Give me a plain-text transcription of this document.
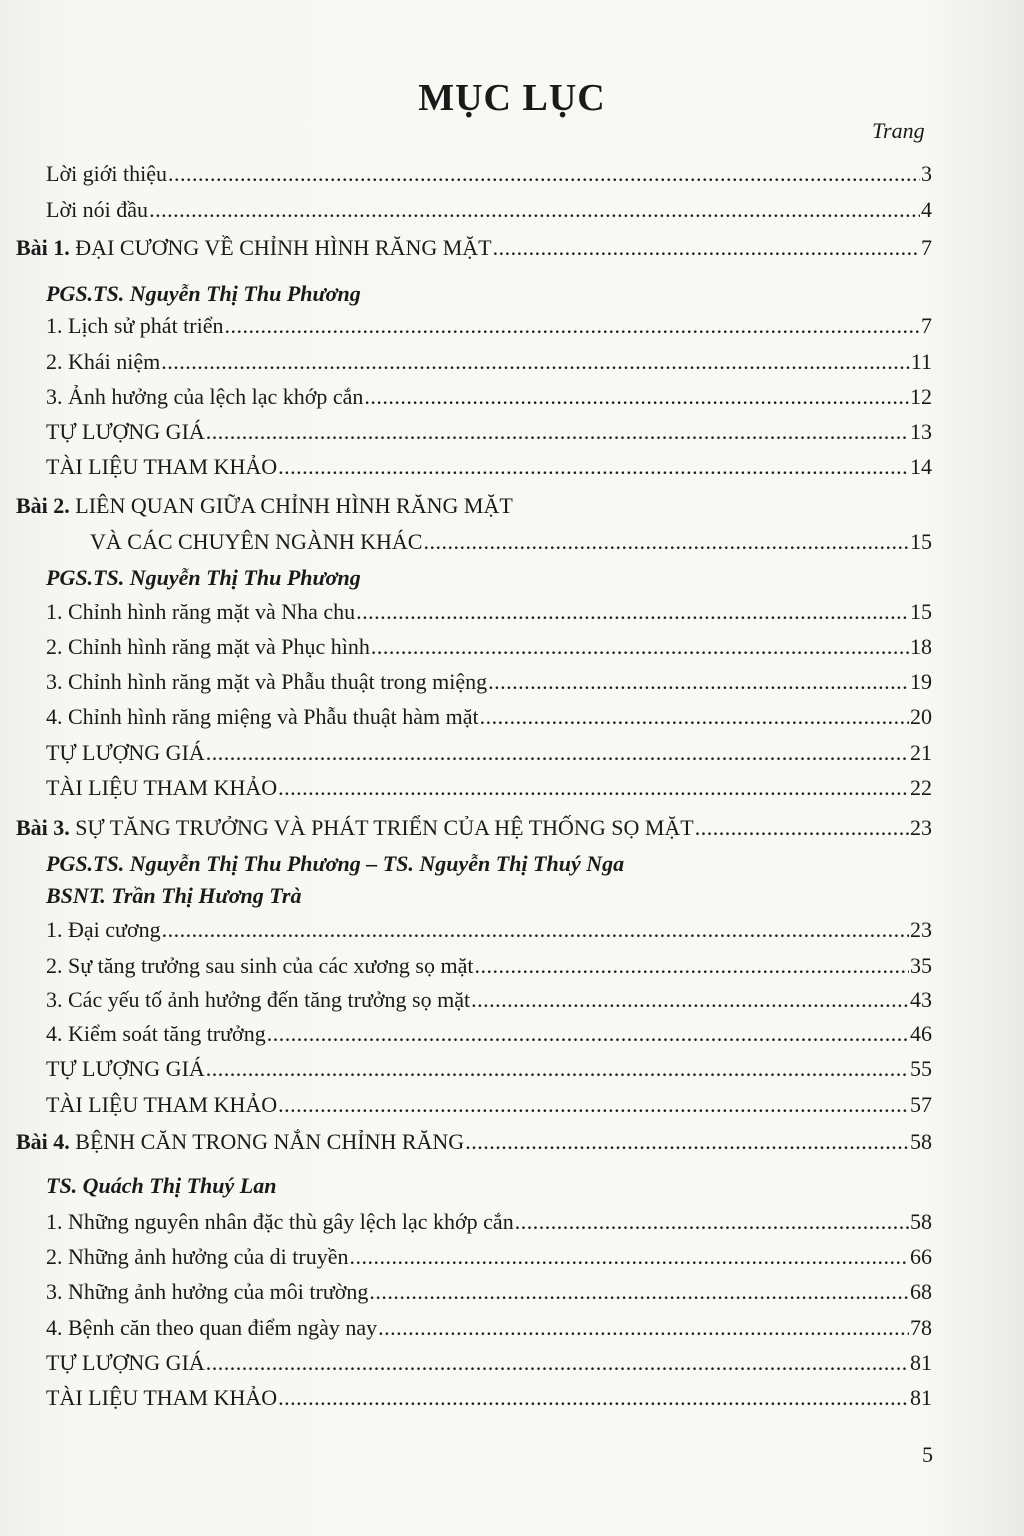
MỤC LỤC
Trang
Lời giới thiệu .....	3
Lời nói đầu .....	4
Bài 1. ĐẠI CƯƠNG VỀ CHỈNH HÌNH RĂNG MẶT .....	7
PGS.TS. Nguyễn Thị Thu Phương
1. Lịch sử phát triển .....	7
2. Khái niệm .....	11
3. Ảnh hưởng của lệch lạc khớp cắn .....	12
TỰ LƯỢNG GIÁ .....	13
TÀI LIỆU THAM KHẢO .....	14
Bài 2. LIÊN QUAN GIỮA CHỈNH HÌNH RĂNG MẶT
VÀ CÁC CHUYÊN NGÀNH KHÁC .....	15
PGS.TS. Nguyễn Thị Thu Phương
1. Chỉnh hình răng mặt và Nha chu .....	15
2. Chỉnh hình răng mặt và Phục hình .....	18
3. Chỉnh hình răng mặt và Phẫu thuật trong miệng .....	19
4. Chỉnh hình răng miệng và Phẫu thuật hàm mặt .....	20
TỰ LƯỢNG GIÁ .....	21
TÀI LIỆU THAM KHẢO .....	22
Bài 3. SỰ TĂNG TRƯỞNG VÀ PHÁT TRIỂN CỦA HỆ THỐNG SỌ MẶT .....	23
PGS.TS. Nguyễn Thị Thu Phương – TS. Nguyễn Thị Thuý Nga
BSNT. Trần Thị Hương Trà
1. Đại cương .....	23
2. Sự tăng trưởng sau sinh của các xương sọ mặt .....	35
3. Các yếu tố ảnh hưởng đến tăng trưởng sọ mặt .....	43
4. Kiểm soát tăng trưởng .....	46
TỰ LƯỢNG GIÁ .....	55
TÀI LIỆU THAM KHẢO .....	57
Bài 4. BỆNH CĂN TRONG NẮN CHỈNH RĂNG .....	58
TS. Quách Thị Thuý Lan
1. Những nguyên nhân đặc thù gây lệch lạc khớp cắn .....	58
2. Những ảnh hưởng của di truyền .....	66
3. Những ảnh hưởng của môi trường .....	68
4. Bệnh căn theo quan điểm ngày nay .....	78
TỰ LƯỢNG GIÁ .....	81
TÀI LIỆU THAM KHẢO .....	81
5
